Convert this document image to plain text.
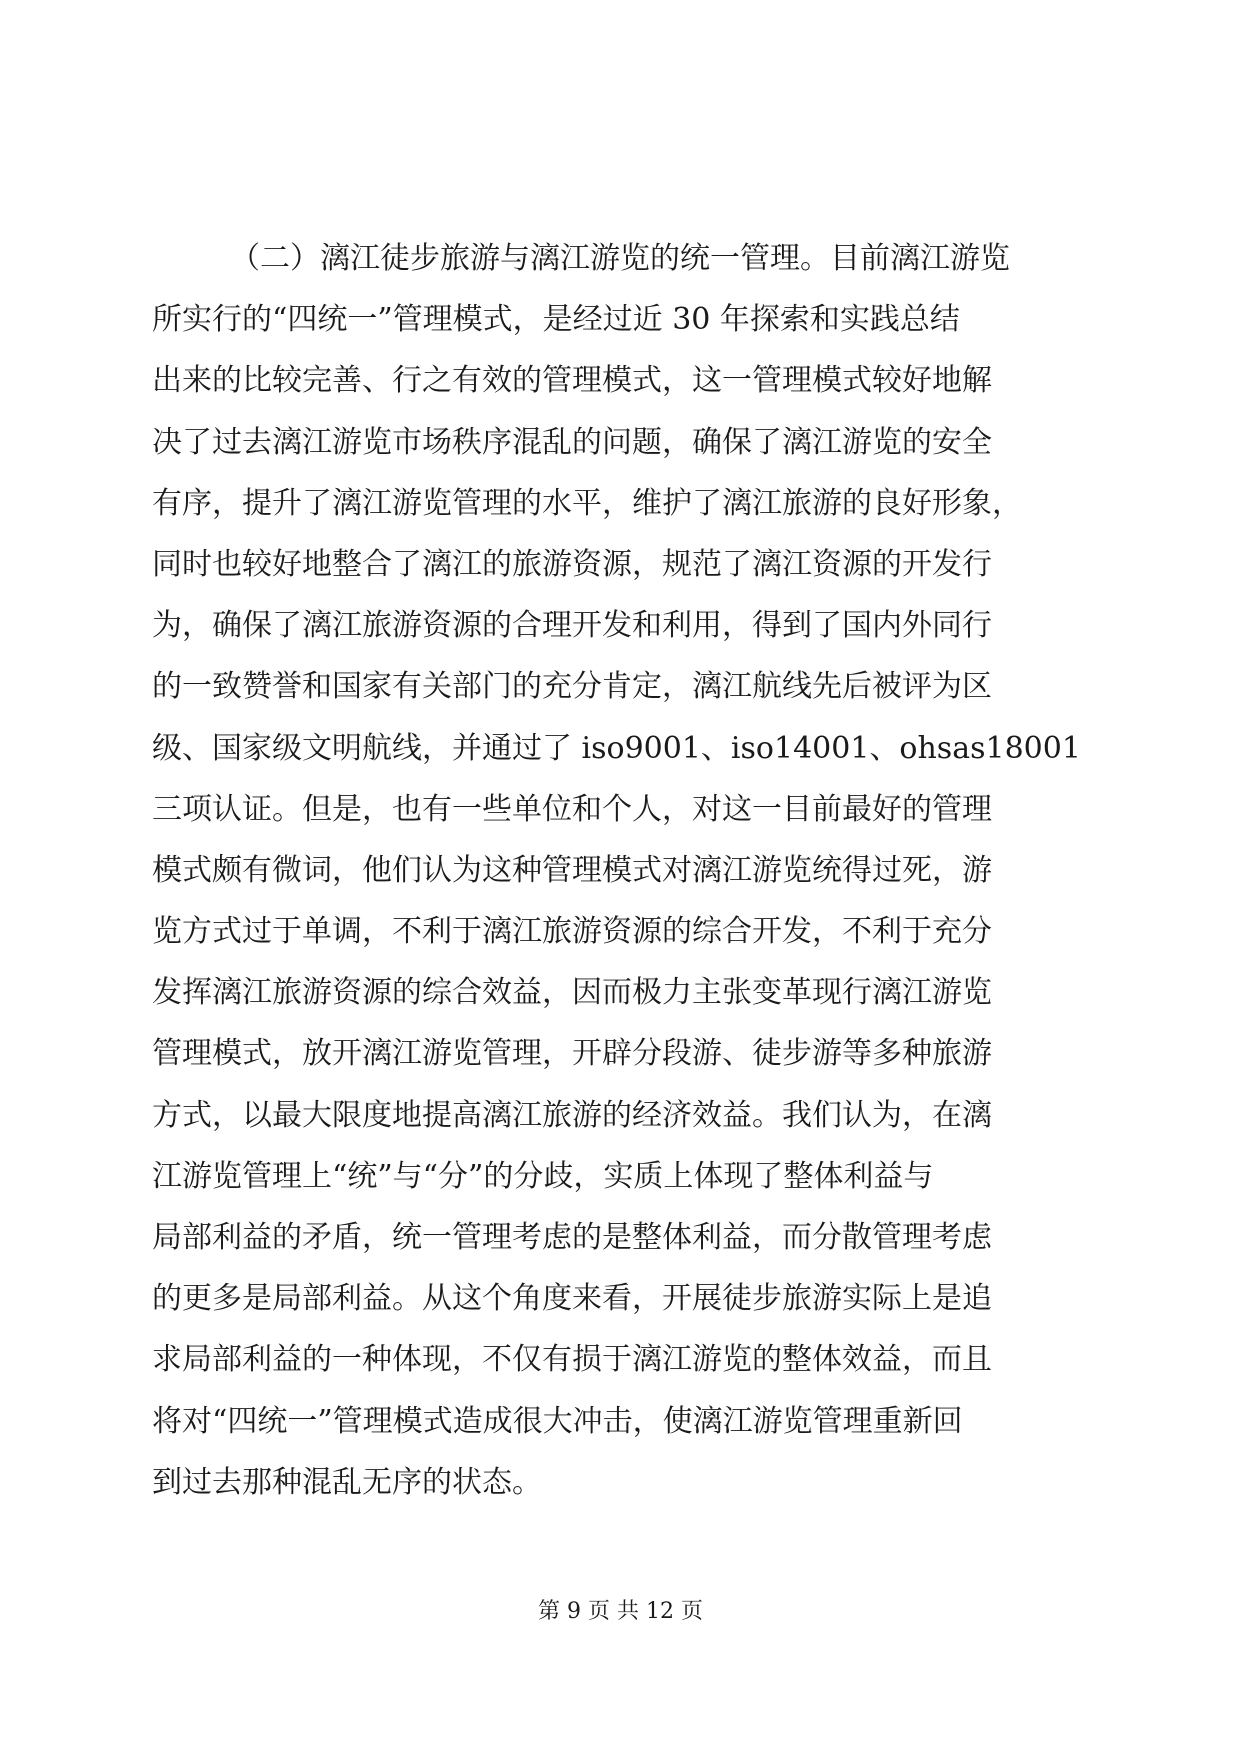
（二）漓江徒步旅游与漓江游览的统一管理。目前漓江游览
所实行的“四统一”管理模式，是经过近 30 年探索和实践总结
出来的比较完善、行之有效的管理模式，这一管理模式较好地解
决了过去漓江游览市场秩序混乱的问题，确保了漓江游览的安全
有序，提升了漓江游览管理的水平，维护了漓江旅游的良好形象，
同时也较好地整合了漓江的旅游资源，规范了漓江资源的开发行
为，确保了漓江旅游资源的合理开发和利用，得到了国内外同行
的一致赞誉和国家有关部门的充分肯定，漓江航线先后被评为区
级、国家级文明航线，并通过了 iso9001、iso14001、ohsas18001
三项认证。但是，也有一些单位和个人，对这一目前最好的管理
模式颇有微词，他们认为这种管理模式对漓江游览统得过死，游
览方式过于单调，不利于漓江旅游资源的综合开发，不利于充分
发挥漓江旅游资源的综合效益，因而极力主张变革现行漓江游览
管理模式，放开漓江游览管理，开辟分段游、徒步游等多种旅游
方式，以最大限度地提高漓江旅游的经济效益。我们认为，在漓
江游览管理上“统”与“分”的分歧，实质上体现了整体利益与
局部利益的矛盾，统一管理考虑的是整体利益，而分散管理考虑
的更多是局部利益。从这个角度来看，开展徒步旅游实际上是追
求局部利益的一种体现，不仅有损于漓江游览的整体效益，而且
将对“四统一”管理模式造成很大冲击，使漓江游览管理重新回
到过去那种混乱无序的状态。
第 9 页 共 12 页
